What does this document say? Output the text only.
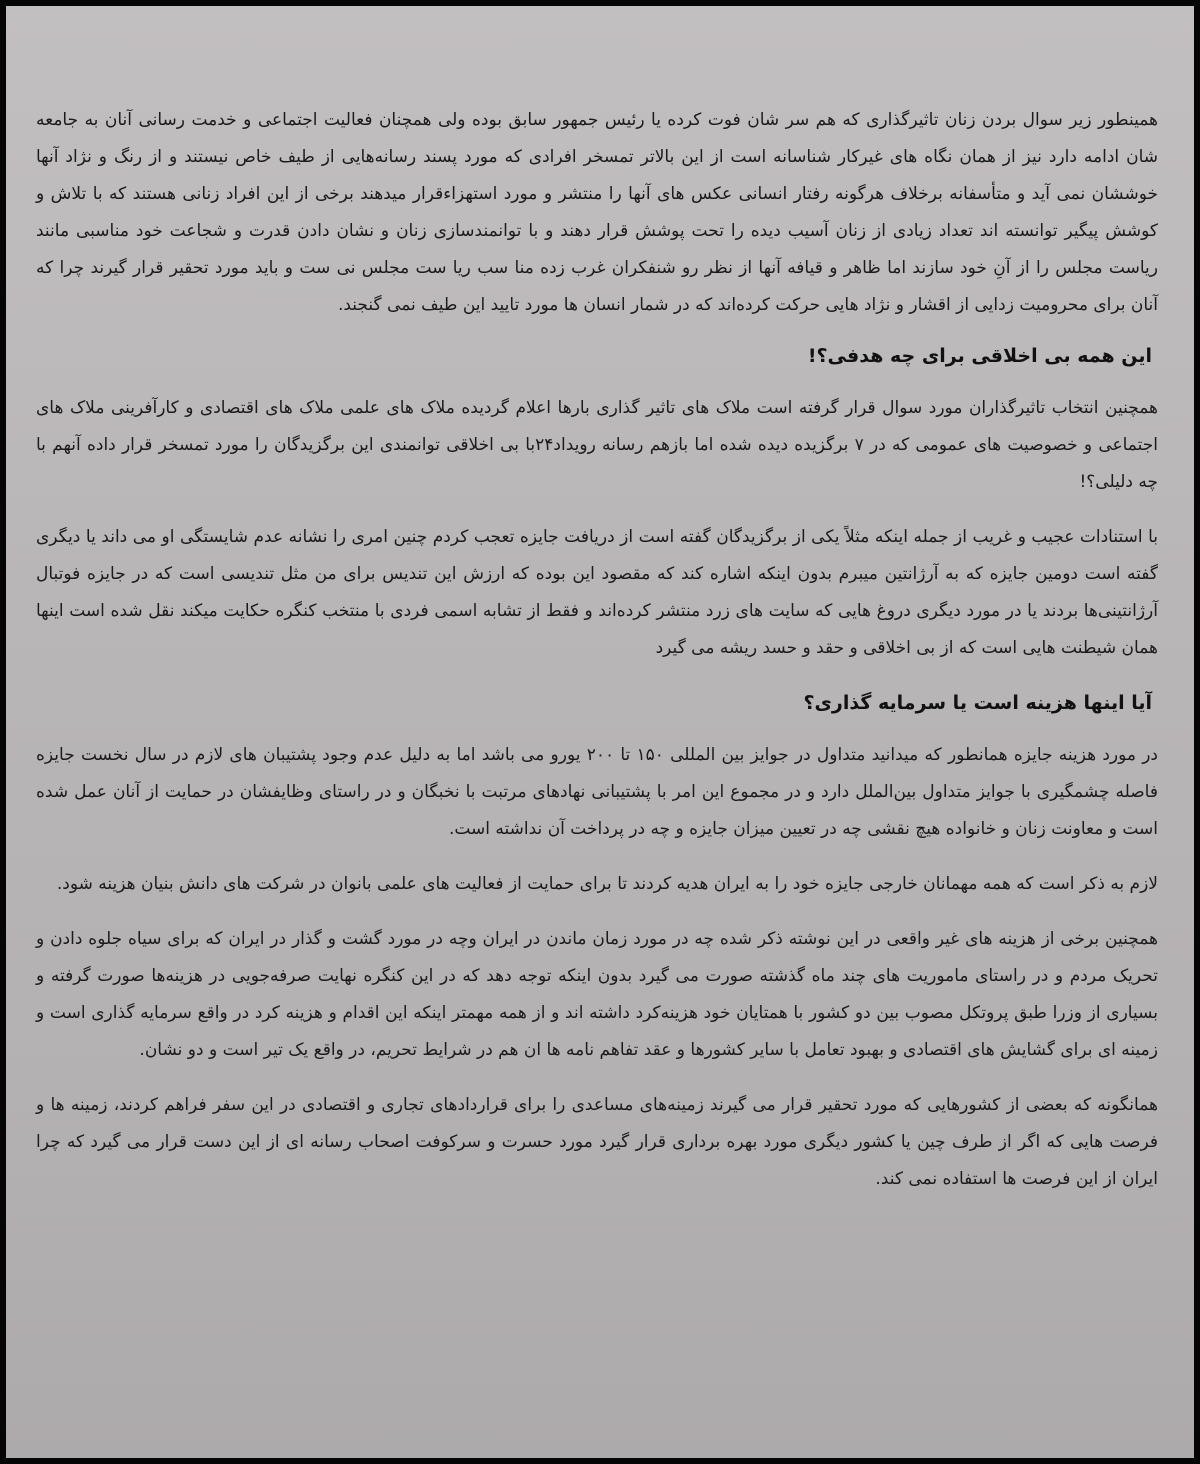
همینطور زیر سوال بردن زنان تاثیرگذاری که هم سر شان فوت کرده یا رئیس جمهور سابق بوده ولی همچنان فعالیت اجتماعی و خدمت رسانی آنان به جامعه شان ادامه دارد نیز از همان نگاه های غیرکار شناسانه است از این بالاتر تمسخر افرادی که مورد پسند رسانه‌هایی از طیف خاص نیستند و از رنگ و نژاد آنها خوششان نمی آید و متأسفانه برخلاف هرگونه رفتار انسانی عکس های آنها را منتشر و مورد استهزاءقرار میدهند برخی از این افراد زنانی هستند که با تلاش و کوشش پیگیر توانسته اند تعداد زیادی از زنان آسیب دیده را تحت پوشش قرار دهند و با توانمندسازی زنان و نشان دادن قدرت و شجاعت خود مناسبی مانند ریاست مجلس را از آنِ خود سازند اما ظاهر و قیافه آنها از نظر رو شنفکران غرب زده منا سب ریا ست مجلس نی ست و باید مورد تحقیر قرار گیرند چرا که آنان برای محرومیت زدایی از اقشار و نژاد هایی حرکت کرده‌اند که در شمار انسان ها مورد تایید این طیف نمی گنجند.

این همه بی اخلاقی برای چه هدفی؟!

همچنین انتخاب تاثیرگذاران مورد سوال قرار گرفته است ملاک های تاثیر گذاری بارها اعلام گردیده ملاک های علمی ملاک های اقتصادی و کارآفرینی ملاک های اجتماعی و خصوصیت های عمومی که در ۷ برگزیده دیده شده اما بازهم رسانه رویداد۲۴با بی اخلاقی توانمندی این برگزیدگان را مورد تمسخر قرار داده آنهم با چه دلیلی؟!

با استنادات عجیب و غریب از جمله اینکه مثلاً یکی از برگزیدگان گفته است از دریافت جایزه تعجب کردم چنین امری را نشانه عدم شایستگی او می داند یا دیگری گفته است دومین جایزه که به آرژانتین میبرم بدون اینکه اشاره کند که مقصود این بوده که ارزش این تندیس برای من مثل تندیسی است که در جایزه فوتبال آرژانتینی‌ها بردند یا در مورد دیگری دروغ هایی که سایت های زرد منتشر کرده‌اند و فقط از تشابه اسمی فردی با منتخب کنگره حکایت میکند نقل شده است اینها همان شیطنت هایی است که از بی اخلاقی و حقد و حسد ریشه می گیرد

آیا اینها هزینه است یا سرمایه گذاری؟

در مورد هزینه جایزه همانطور که میدانید متداول در جوایز بین المللی ۱۵۰ تا ۲۰۰ یورو می باشد اما به دلیل عدم وجود پشتیبان های لازم در سال نخست جایزه فاصله چشمگیری با جوایز متداول بین‌الملل دارد و در مجموع این امر با پشتیبانی نهادهای مرتبت با نخبگان و در راستای وظایفشان در حمایت از آنان عمل شده است و معاونت زنان و خانواده هیچ نقشی چه در تعیین میزان جایزه و چه در پرداخت آن نداشته است.

لازم به ذکر است که همه مهمانان خارجی جایزه خود را به ایران هدیه کردند تا برای حمایت از فعالیت های علمی بانوان در شرکت های دانش بنیان هزینه شود.

همچنین برخی از هزینه های غیر واقعی در این نوشته ذکر شده چه در مورد زمان ماندن در ایران وچه در مورد گشت و گذار در ایران که برای سیاه جلوه دادن و تحریک مردم و در راستای ماموریت های چند ماه گذشته صورت می گیرد بدون اینکه توجه دهد که در این کنگره نهایت صرفه‌جویی در هزینه‌ها صورت گرفته و بسیاری از وزرا طبق پروتکل مصوب بین دو کشور با همتایان خود هزینه‌کرد داشته اند و از همه مهمتر اینکه این اقدام و هزینه کرد در واقع سرمایه گذاری است و زمینه ای برای گشایش های اقتصادی و بهبود تعامل با سایر کشورها و عقد تفاهم نامه ها ان هم در شرایط تحریم، در واقع یک تیر است و دو نشان.

همانگونه که بعضی از کشورهایی که مورد تحقیر قرار می گیرند زمینه‌های مساعدی را برای قراردادهای تجاری و اقتصادی در این سفر فراهم کردند، زمینه ها و فرصت هایی که اگر از طرف چین یا کشور دیگری مورد بهره برداری قرار گیرد مورد حسرت و سرکوفت اصحاب رسانه ای از این دست قرار می گیرد که چرا ایران از این فرصت ها استفاده نمی کند.
